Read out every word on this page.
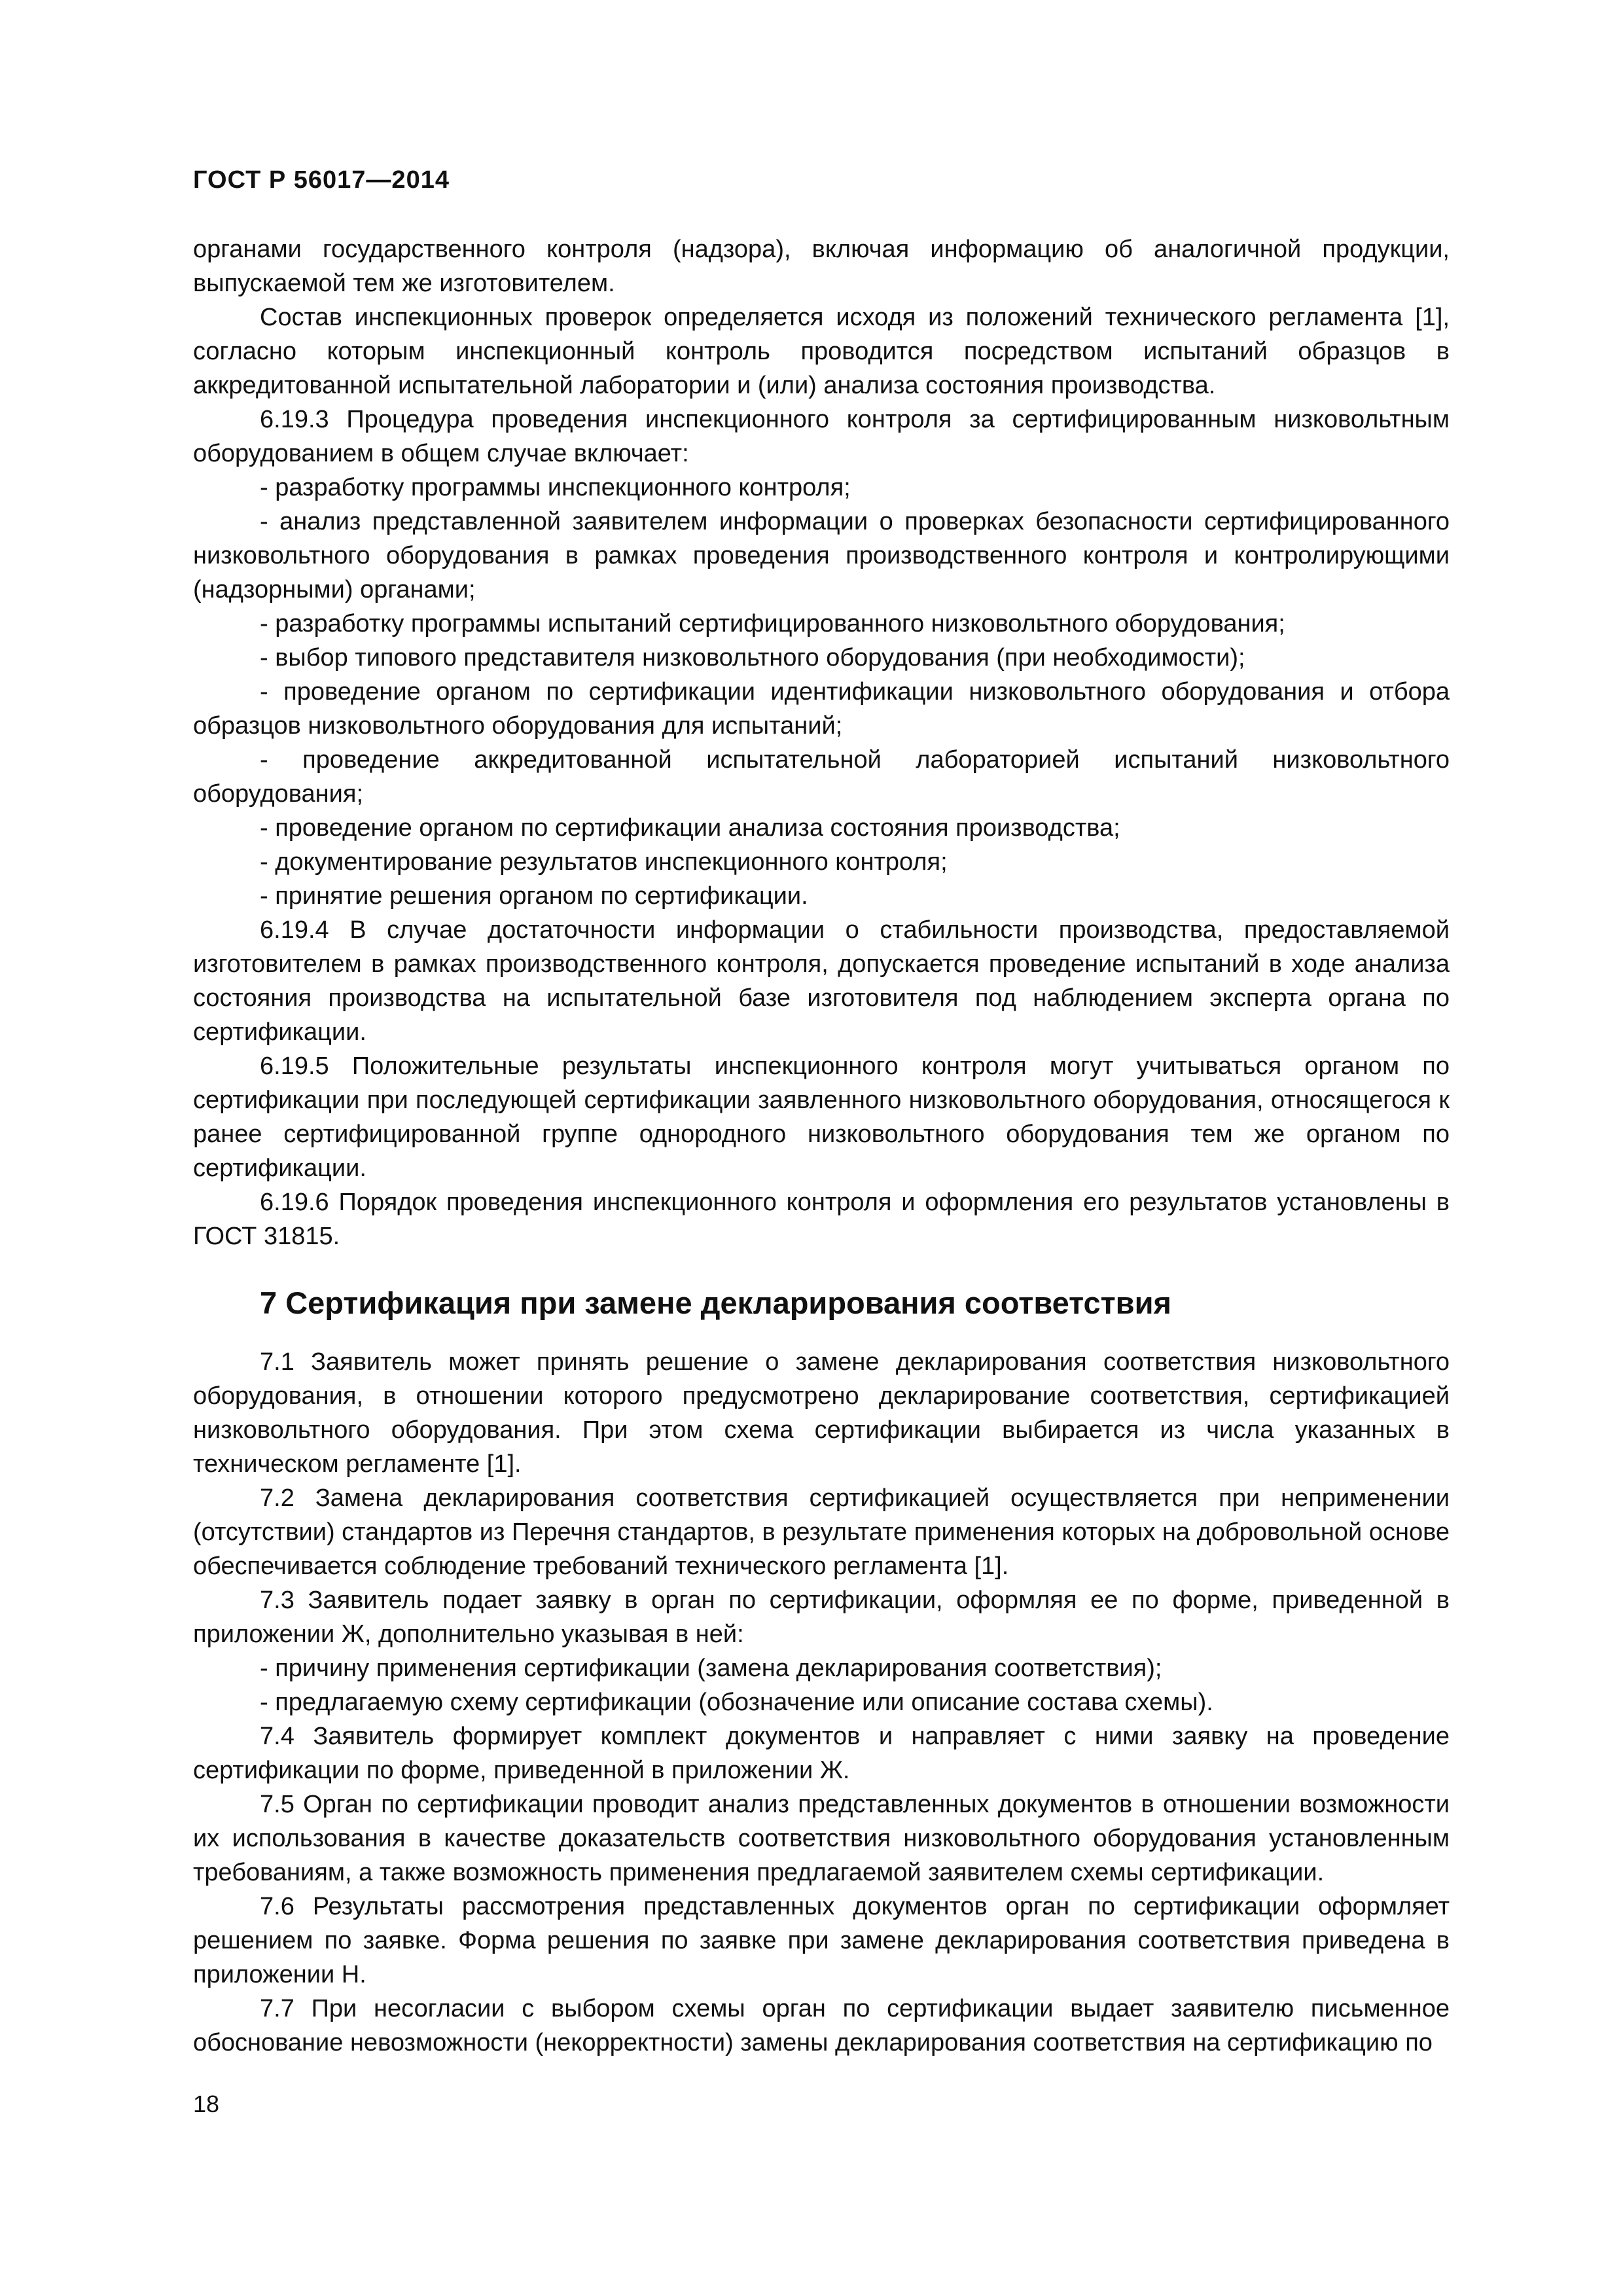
ГОСТ Р 56017—2014

органами государственного контроля (надзора), включая информацию об аналогичной продукции, выпускаемой тем же изготовителем.

Состав инспекционных проверок определяется исходя из положений технического регламента [1], согласно которым инспекционный контроль проводится посредством испытаний образцов в аккредитованной испытательной лаборатории и (или) анализа состояния производства.

6.19.3 Процедура проведения инспекционного контроля за сертифицированным низковольтным оборудованием в общем случае включает:

- разработку программы инспекционного контроля;

- анализ представленной заявителем информации о проверках безопасности сертифицированного низковольтного оборудования в рамках проведения производственного контроля и контролирующими (надзорными) органами;

- разработку программы испытаний сертифицированного низковольтного оборудования;

- выбор типового представителя низковольтного оборудования (при необходимости);

- проведение органом по сертификации идентификации низковольтного оборудования и отбора образцов низковольтного оборудования для испытаний;

- проведение аккредитованной испытательной лабораторией испытаний низковольтного оборудования;

- проведение органом по сертификации анализа состояния производства;

- документирование результатов инспекционного контроля;

- принятие решения органом по сертификации.

6.19.4 В случае достаточности информации о стабильности производства, предоставляемой изготовителем в рамках производственного контроля, допускается проведение испытаний в ходе анализа состояния производства на испытательной базе изготовителя под наблюдением эксперта органа по сертификации.

6.19.5 Положительные результаты инспекционного контроля могут учитываться органом по сертификации при последующей сертификации заявленного низковольтного оборудования, относящегося к ранее сертифицированной группе однородного низковольтного оборудования тем же органом по сертификации.

6.19.6 Порядок проведения инспекционного контроля и оформления его результатов установлены в ГОСТ 31815.

7 Сертификация при замене декларирования соответствия

7.1 Заявитель может принять решение о замене декларирования соответствия низковольтного оборудования, в отношении которого предусмотрено декларирование соответствия, сертификацией низковольтного оборудования. При этом схема сертификации выбирается из числа указанных в техническом регламенте [1].

7.2 Замена декларирования соответствия сертификацией осуществляется при неприменении (отсутствии) стандартов из Перечня стандартов, в результате применения которых на добровольной основе обеспечивается соблюдение требований технического регламента [1].

7.3 Заявитель подает заявку в орган по сертификации, оформляя ее по форме, приведенной в приложении Ж, дополнительно указывая в ней:

- причину применения сертификации (замена декларирования соответствия);

- предлагаемую схему сертификации (обозначение или описание состава схемы).

7.4 Заявитель формирует комплект документов и направляет с ними заявку на проведение сертификации по форме, приведенной в приложении Ж.

7.5 Орган по сертификации проводит анализ представленных документов в отношении возможности их использования в качестве доказательств соответствия низковольтного оборудования установленным требованиям, а также возможность применения предлагаемой заявителем схемы сертификации.

7.6 Результаты рассмотрения представленных документов орган по сертификации оформляет решением по заявке. Форма решения по заявке при замене декларирования соответствия приведена в приложении Н.

7.7 При несогласии с выбором схемы орган по сертификации выдает заявителю письменное обоснование невозможности (некорректности) замены декларирования соответствия на сертификацию по

18
